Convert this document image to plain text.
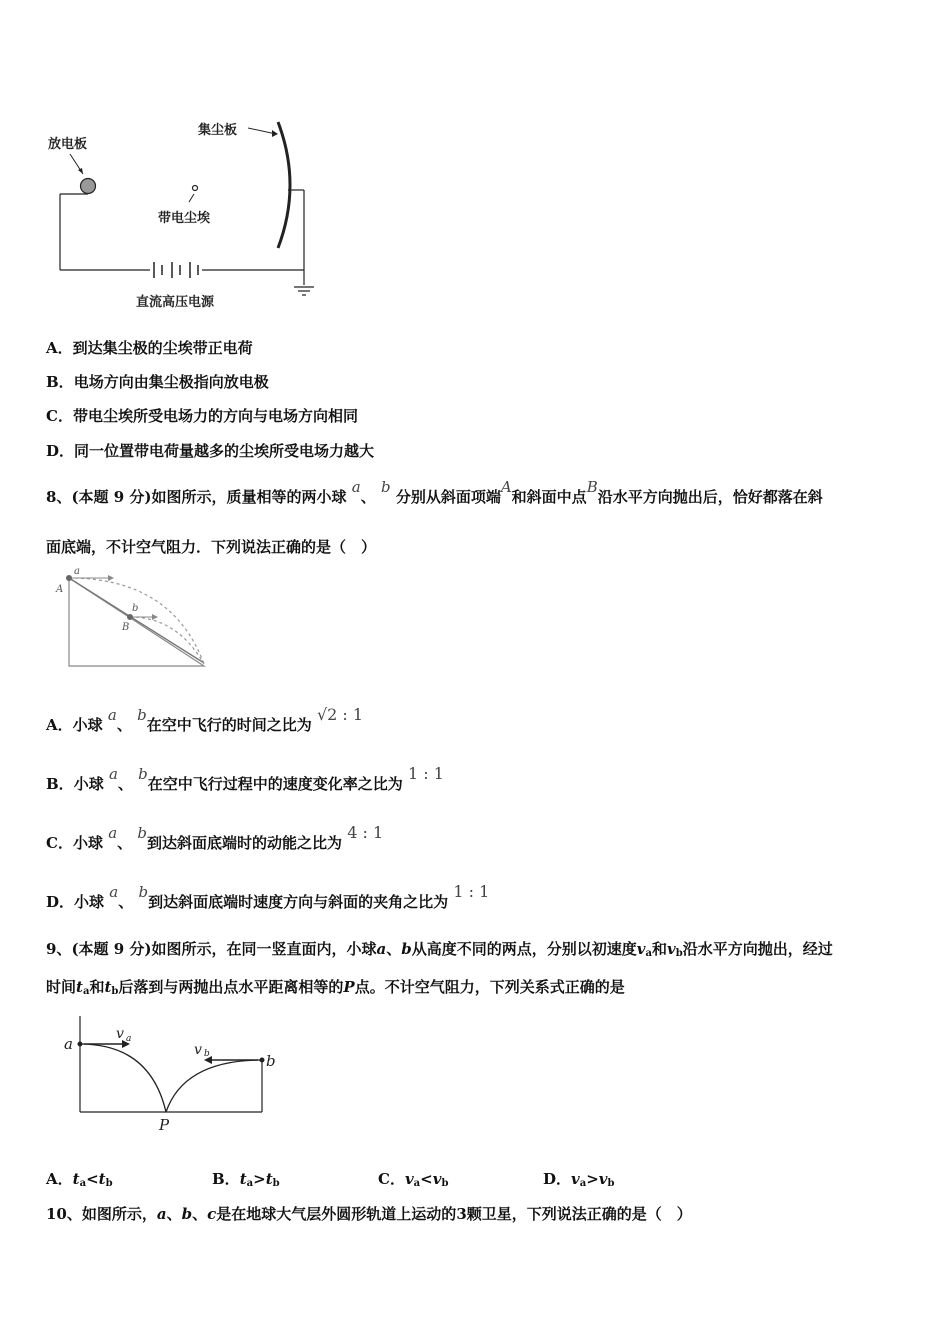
放电板
集尘板
带电尘埃
直流高压电源
A．到达集尘极的尘埃带正电荷
B．电场方向由集尘极指向放电极
C．带电尘埃所受电场力的方向与电场方向相同
D．同一位置带电荷量越多的尘埃所受电场力越大
8、(本题 9 分)如图所示，质量相等的两小球 a、 b 分别从斜面项端A和斜面中点B沿水平方向抛出后，恰好都落在斜
面底端，不计空气阻力．下列说法正确的是（　）
a
A
b
B
A．小球 a、 b在空中飞行的时间之比为 √2 : 1
B．小球 a、 b在空中飞行过程中的速度变化率之比为 1 : 1
C．小球 a、 b到达斜面底端时的动能之比为 4 : 1
D．小球 a、 b到达斜面底端时速度方向与斜面的夹角之比为 1 : 1
9、(本题 9 分)如图所示，在同一竖直面内，小球a、b从高度不同的两点，分别以初速度$v_a$和$v_b$沿水平方向抛出，经过
时间$t_a$和$t_b$后落到与两抛出点水平距离相等的P点。不计空气阻力，下列关系式正确的是
a
b
v a
v b
P
A．$t_a<t_b$	B．$t_a>t_b$	C．$v_a<v_b$	D．$v_a>v_b$
10、如图所示，a、b、c是在地球大气层外圆形轨道上运动的3颗卫星，下列说法正确的是（　）
